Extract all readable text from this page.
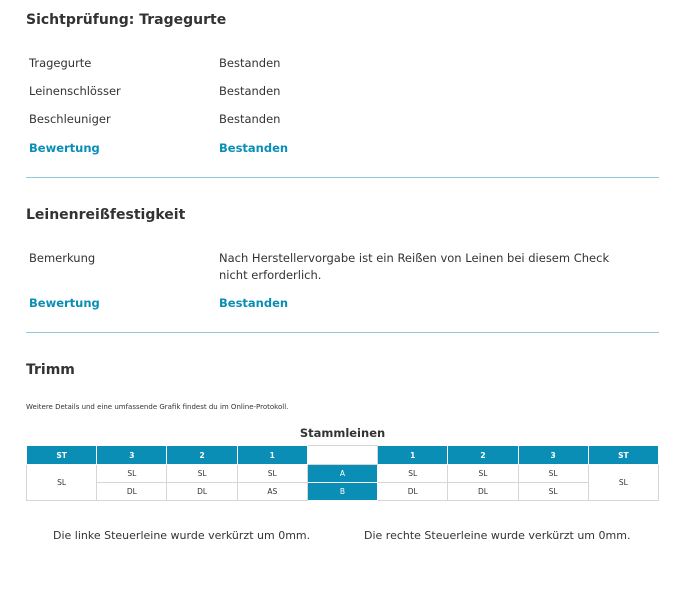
Sichtprüfung: Tragegurte
Tragegurte	Bestanden
Leinenschlösser	Bestanden
Beschleuniger	Bestanden
Bewertung	Bestanden
Leinenreißfestigkeit
Bemerkung	Nach Herstellervorgabe ist ein Reißen von Leinen bei diesem Check nicht erforderlich.
Bewertung	Bestanden
Trimm
Weitere Details und eine umfassende Grafik findest du im Online-Protokoll.
Stammleinen
ST	3	2	1		1	2	3	ST
SL	SL	SL	SL	A	SL	SL	SL	SL
	DL	DL	AS	B	DL	DL	SL	
Die linke Steuerleine wurde verkürzt um 0mm.	Die rechte Steuerleine wurde verkürzt um 0mm.
